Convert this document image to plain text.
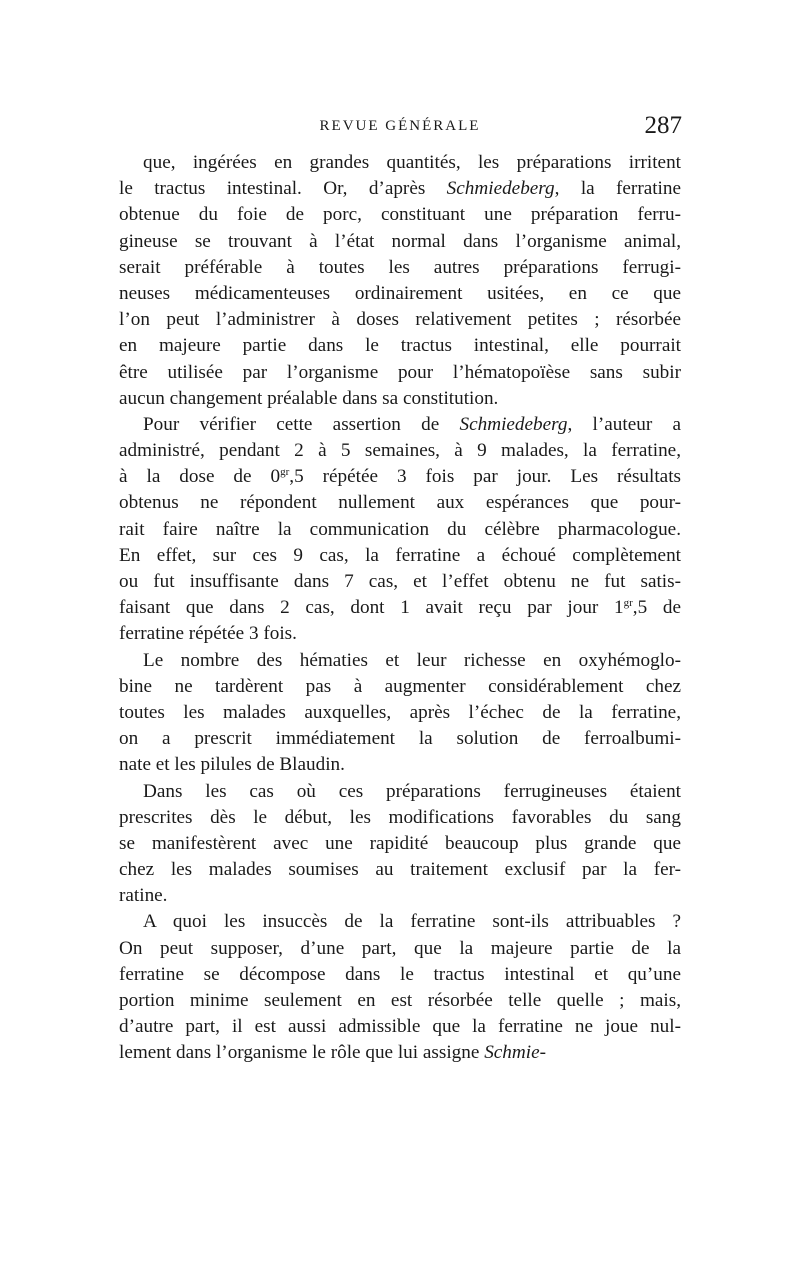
REVUE GÉNÉRALE	287
que, ingérées en grandes quantités, les préparations irritent
le tractus intestinal. Or, d’après Schmiedeberg, la ferratine
obtenue du foie de porc, constituant une préparation ferru-
gineuse se trouvant à l’état normal dans l’organisme animal,
serait préférable à toutes les autres préparations ferrugi-
neuses médicamenteuses ordinairement usitées, en ce que
l’on peut l’administrer à doses relativement petites ; résorbée
en majeure partie dans le tractus intestinal, elle pourrait
être utilisée par l’organisme pour l’hématopoïèse sans subir
aucun changement préalable dans sa constitution.
Pour vérifier cette assertion de Schmiedeberg, l’auteur a
administré, pendant 2 à 5 semaines, à 9 malades, la ferratine,
à la dose de $0^{gr},5$ répétée 3 fois par jour. Les résultats
obtenus ne répondent nullement aux espérances que pour-
rait faire naître la communication du célèbre pharmacologue.
En effet, sur ces 9 cas, la ferratine a échoué complètement
ou fut insuffisante dans 7 cas, et l’effet obtenu ne fut satis-
faisant que dans 2 cas, dont 1 avait reçu par jour $1^{gr},5$ de
ferratine répétée 3 fois.
Le nombre des hématies et leur richesse en oxyhémoglo-
bine ne tardèrent pas à augmenter considérablement chez
toutes les malades auxquelles, après l’échec de la ferratine,
on a prescrit immédiatement la solution de ferroalbumi-
nate et les pilules de Blaudin.
Dans les cas où ces préparations ferrugineuses étaient
prescrites dès le début, les modifications favorables du sang
se manifestèrent avec une rapidité beaucoup plus grande que
chez les malades soumises au traitement exclusif par la fer-
ratine.
A quoi les insuccès de la ferratine sont-ils attribuables ?
On peut supposer, d’une part, que la majeure partie de la
ferratine se décompose dans le tractus intestinal et qu’une
portion minime seulement en est résorbée telle quelle ; mais,
d’autre part, il est aussi admissible que la ferratine ne joue nul-
lement dans l’organisme le rôle que lui assigne Schmie-
